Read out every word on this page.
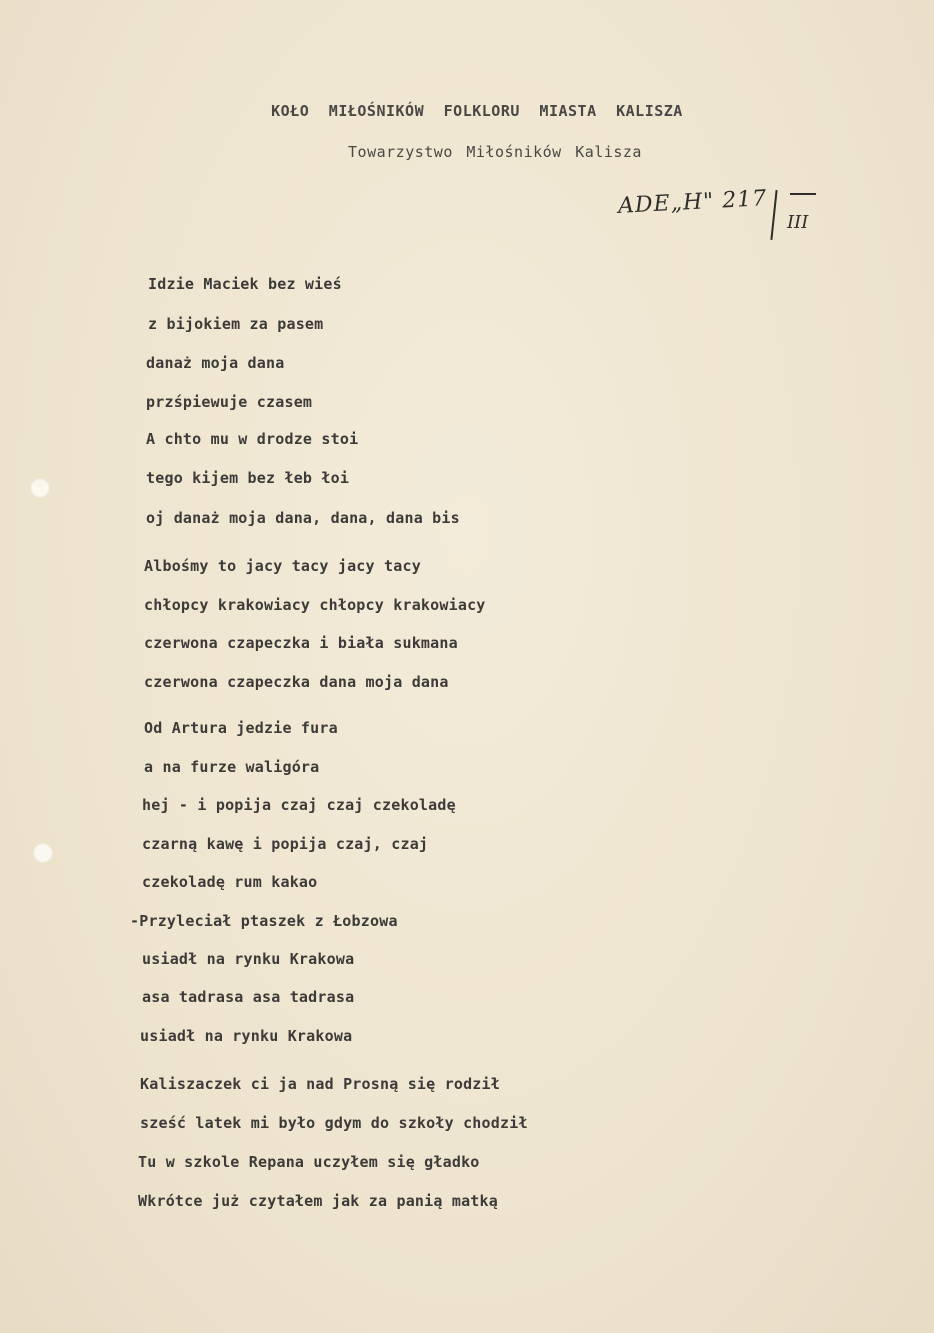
KOŁO MIŁOŚNIKÓW FOLKLORU MIASTA KALISZA
Towarzystwo Miłośników Kalisza
ADE„H" 217
III
Idzie Maciek bez wieś
z bijokiem za pasem
danaż moja dana
przśpiewuje czasem
A chto mu w drodze stoi
tego kijem bez łeb łoi
oj danaż moja dana, dana, dana bis
Albośmy to jacy tacy jacy tacy
chłopcy krakowiacy chłopcy krakowiacy
czerwona czapeczka i biała sukmana
czerwona czapeczka dana moja dana
Od Artura jedzie fura
a na furze waligóra
hej - i popija czaj czaj czekoladę
czarną kawę i popija czaj, czaj
czekoladę rum kakao
-Przyleciał ptaszek z Łobzowa
usiadł na rynku Krakowa
asa tadrasa asa tadrasa
usiadł na rynku Krakowa
Kaliszaczek ci ja nad Prosną się rodził
sześć latek mi było gdym do szkoły chodził
Tu w szkole Repana uczyłem się gładko
Wkrótce już czytałem jak za panią matką
